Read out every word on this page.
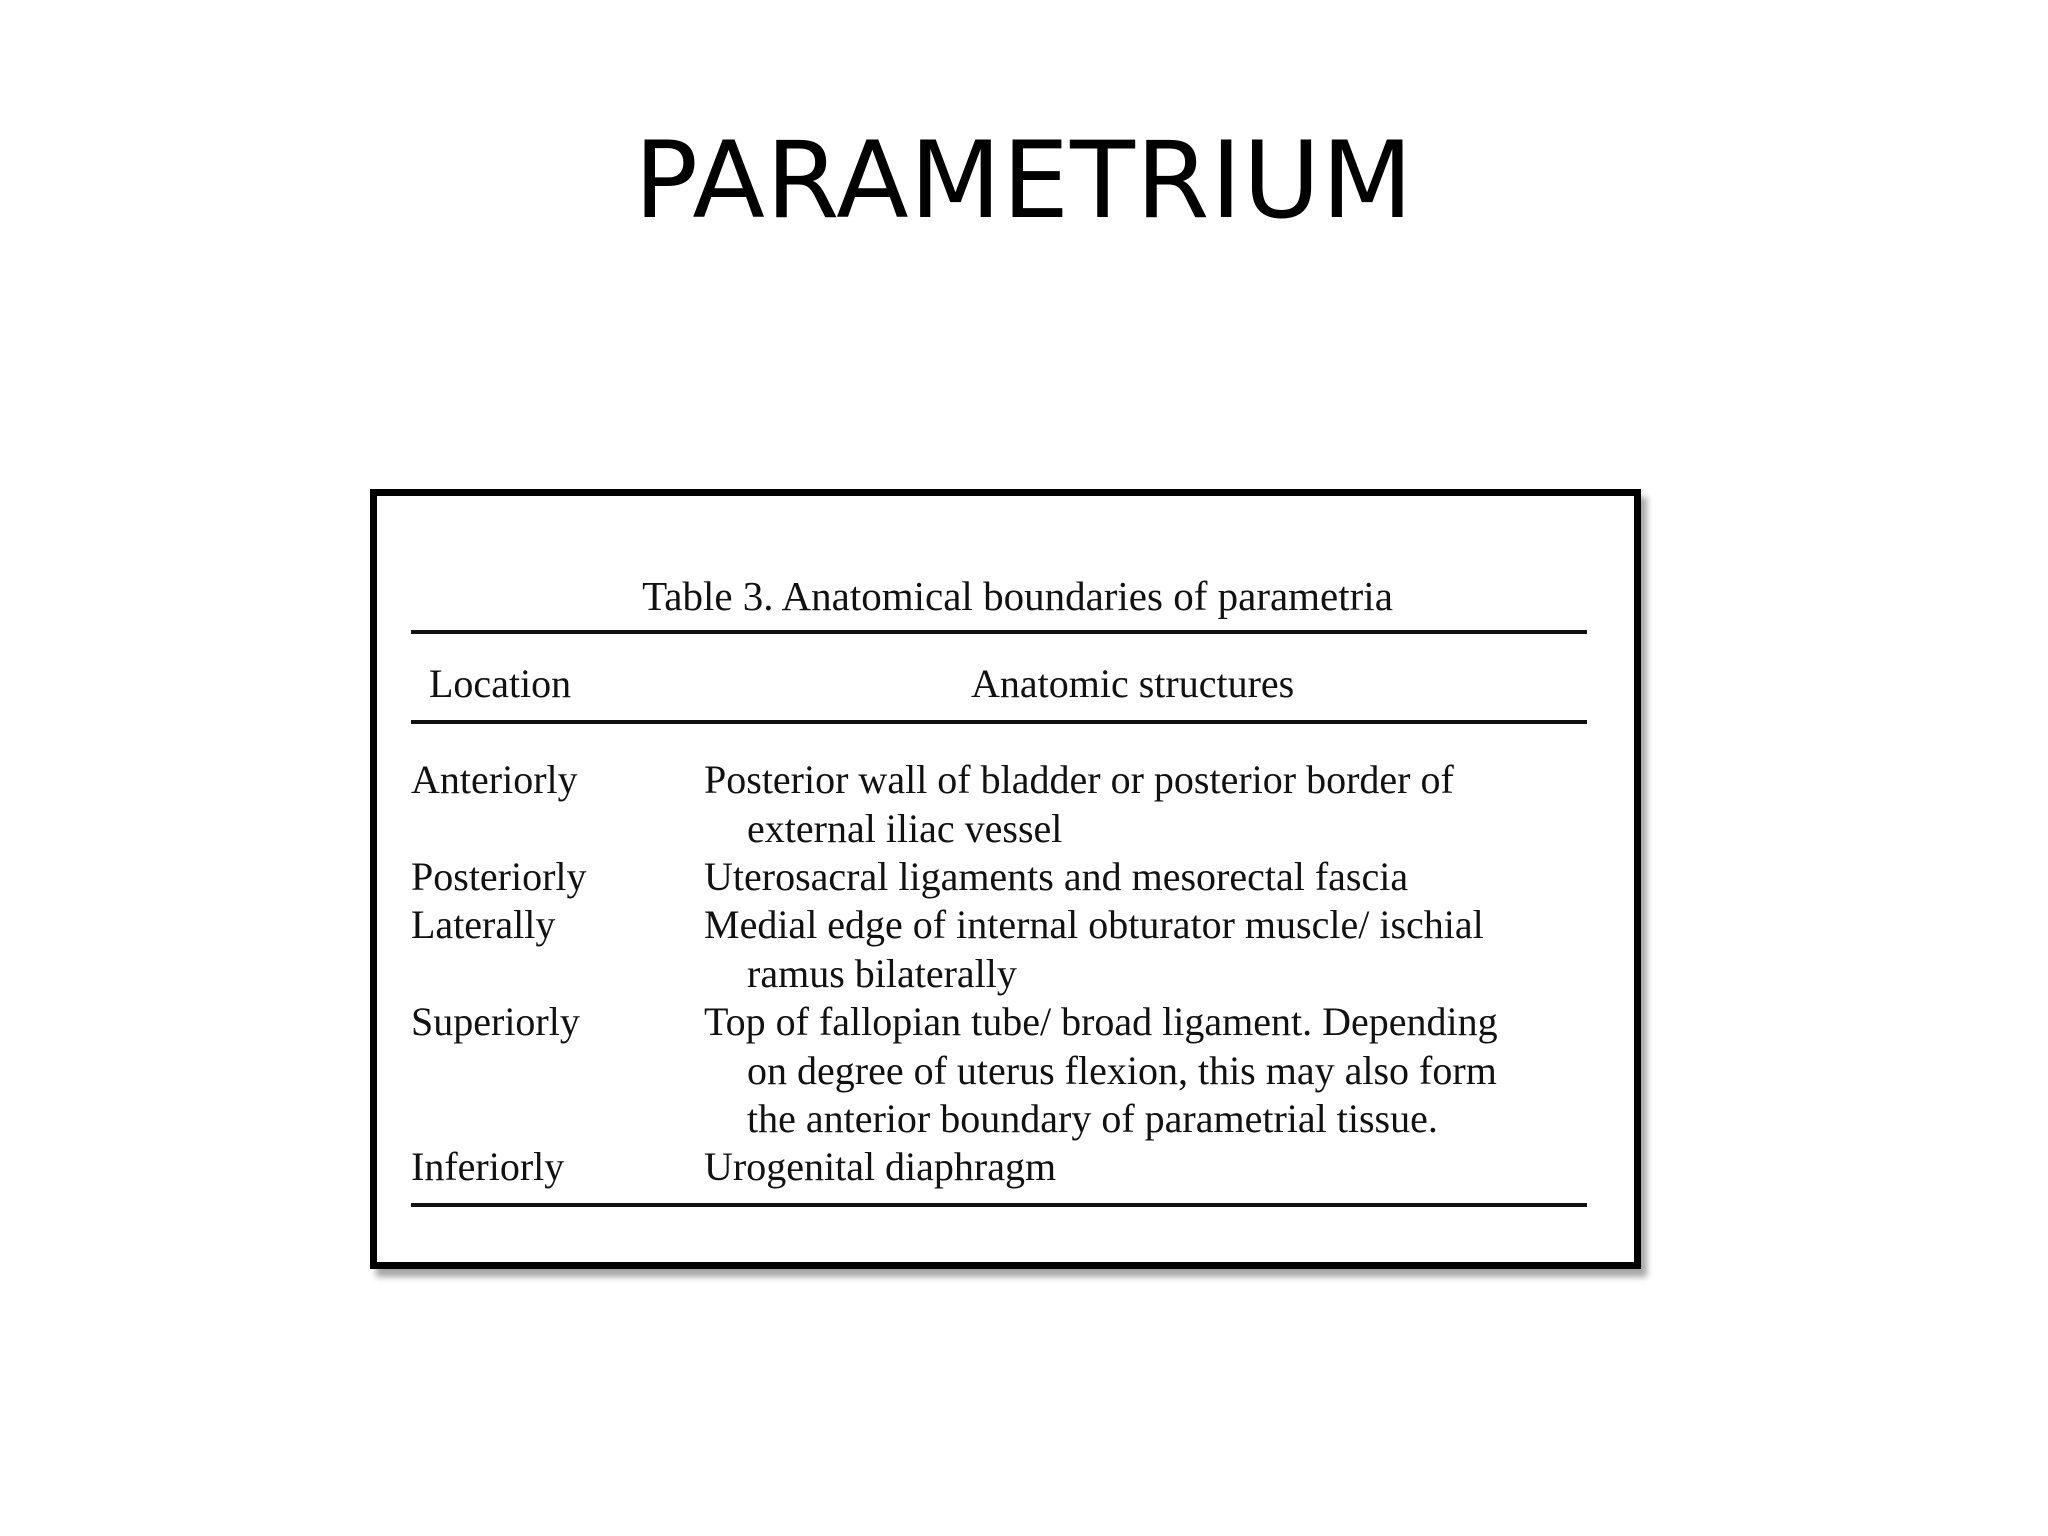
PARAMETRIUM
Table 3. Anatomical boundaries of parametria
Location	Anatomic structures
Anteriorly	Posterior wall of bladder or posterior border of
external iliac vessel
Posteriorly	Uterosacral ligaments and mesorectal fascia
Laterally	Medial edge of internal obturator muscle/ ischial
ramus bilaterally
Superiorly	Top of fallopian tube/ broad ligament. Depending
on degree of uterus flexion, this may also form
the anterior boundary of parametrial tissue.
Inferiorly	Urogenital diaphragm
